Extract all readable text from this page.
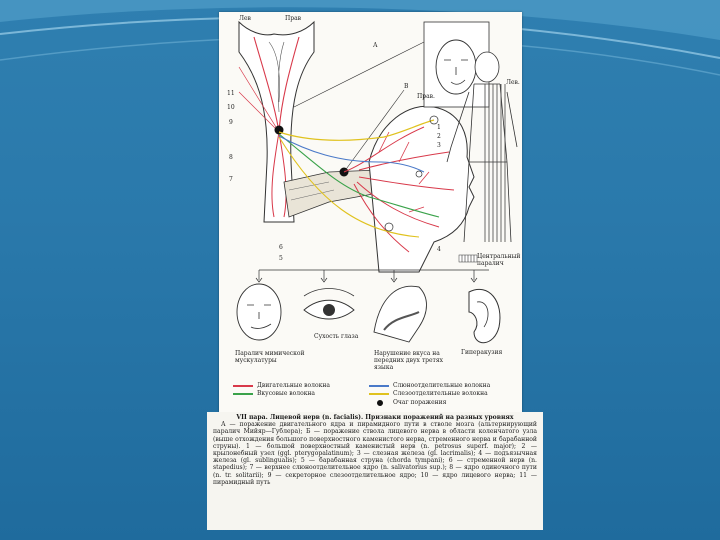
Лев	Прав
А
В
Лев.
Прав.
11
10
9
8
7
1
2
3
4
6
5	Центральный паралич
Сухость глаза
Паралич мимической мускулатуры
Нарушение вкуса на передних двух третях языка
Гиперакузия
Двигательные волокна
Вкусовые волокна
Слюноотделительные волокна
Слезоотделительные волокна
Очаг поражения
VII пара. Лицевой нерв (n. facialis). Признаки поражений на разных уровнях
А — поражение двигательного ядра и пирамидного пути в стволе мозга (альтернирующий паралич Мийяр—Гублера); Б — поражение ствола лицевого нерва в области коленчатого узла (выше отхождения большого поверхностного каменистого нерва, стременного нерва и барабанной струны). 1 — большой поверхностный каменистый нерв (n. petrosus superf. major); 2 — крылонебный узел (ggl. pterygopalatinum); 3 — слезная железа (gl. lacrimalis); 4 — подъязычная железа (gl. sublingualis); 5 — барабанная струна (chorda tympani); 6 — стременной нерв (n. stapedius); 7 — верхнее слюноотделительное ядро (n. salivatorius sup.); 8 — ядро одиночного пути (n. tr. solitarii); 9 — секреторное слезоотделительное ядро; 10 — ядро лицевого нерва; 11 — пирамидный путь
